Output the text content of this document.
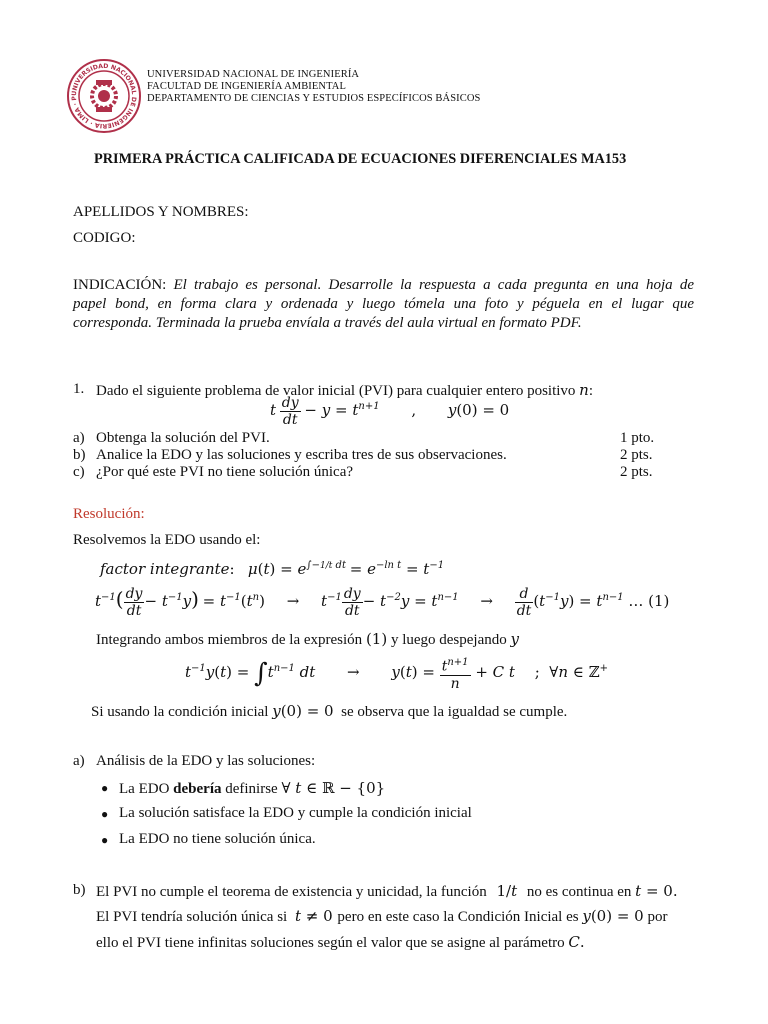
UNIVERSIDAD NACIONAL DE INGENIERIA · LIMA · P
UNIVERSIDAD NACIONAL DE INGENIERÍA
FACULTAD DE INGENIERÍA AMBIENTAL
DEPARTAMENTO DE CIENCIAS Y ESTUDIOS ESPECÍFICOS BÁSICOS
PRIMERA PRÁCTICA CALIFICADA DE ECUACIONES DIFERENCIALES MA153
APELLIDOS Y NOMBRES:
CODIGO:
INDICACIÓN: El trabajo es personal. Desarrolle la respuesta a cada pregunta en una hoja de
papel bond, en forma clara y ordenada y luego tómela una foto y péguela en el lugar que
corresponda. Terminada la prueba envíala a través del aula virtual en formato PDF.
1. Dado el siguiente problema de valor inicial (PVI) para cualquier entero positivo n:
t $\frac{dy}{dt} - y = t^{n+1}$ , y(0) = 0
a) Obtenga la solución del PVI.	1 pto.
b) Analice la EDO y las soluciones y escriba tres de sus observaciones.	2 pts.
c) ¿Por qué este PVI no tiene solución única?	2 pts.
Resolución:
Resolvemos la EDO usando el:
factor integrante:   $\mu(t) = e^{\int-1/t dt} = e^{-ln t} = t^{-1}$
$t^{-1}( \frac{dy}{dt} - t^{-1}y) = t^{-1}(t^n) \to t^{-1} \frac{dy}{dt} - t^{-2}y = t^{n-1} \to \frac{d}{dt} (t^{-1}y) = t^{n-1}$ … (1)
Integrando ambos miembros de la expresión (1) y luego despejando y
$t^{-1}y(t) = \int t^{n-1}$ dt → $y(t) = \frac{t^{n+1}}{n} + C$ t ;  ∀n ∈ ℤ+
Si usando la condición inicial y(0) = 0 se observa que la igualdad se cumple.
a) Análisis de la EDO y las soluciones:
● La EDO debería definirse ∀ t ∈ ℝ − {0}
● La solución satisface la EDO y cumple la condición inicial
● La EDO no tiene solución única.
b) El PVI no cumple el teorema de existencia y unicidad, la función 1/t no es continua en t = 0.
El PVI tendría solución única si t ≠ 0 pero en este caso la Condición Inicial es y(0) = 0 por
ello el PVI tiene infinitas soluciones según el valor que se asigne al parámetro C.
